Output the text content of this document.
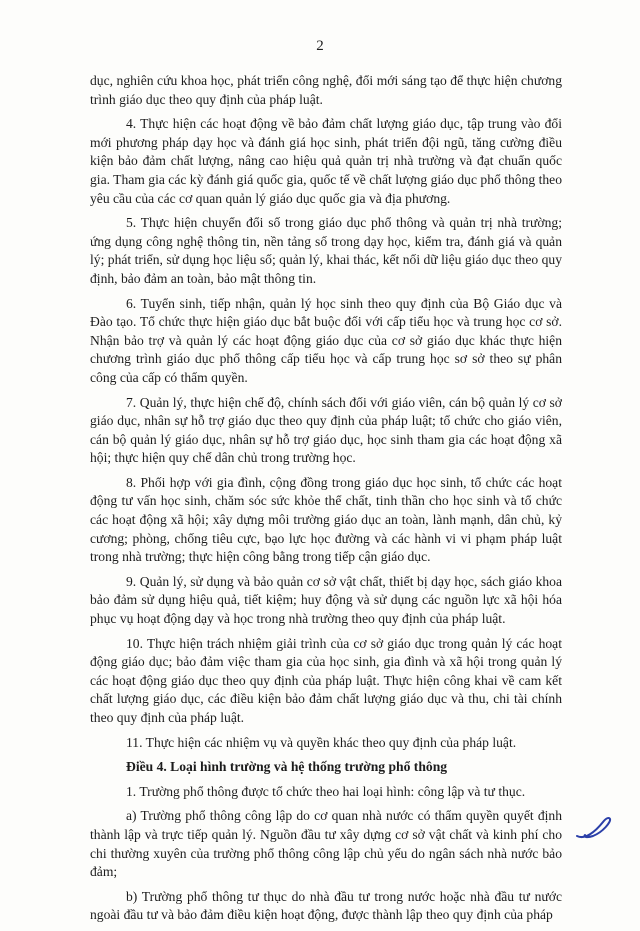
2

dục, nghiên cứu khoa học, phát triển công nghệ, đổi mới sáng tạo để thực hiện chương trình giáo dục theo quy định của pháp luật.

4. Thực hiện các hoạt động về bảo đảm chất lượng giáo dục, tập trung vào đổi mới phương pháp dạy học và đánh giá học sinh, phát triển đội ngũ, tăng cường điều kiện bảo đảm chất lượng, nâng cao hiệu quả quản trị nhà trường và đạt chuẩn quốc gia. Tham gia các kỳ đánh giá quốc gia, quốc tế về chất lượng giáo dục phổ thông theo yêu cầu của các cơ quan quản lý giáo dục quốc gia và địa phương.

5. Thực hiện chuyển đổi số trong giáo dục phổ thông và quản trị nhà trường; ứng dụng công nghệ thông tin, nền tảng số trong dạy học, kiểm tra, đánh giá và quản lý; phát triển, sử dụng học liệu số; quản lý, khai thác, kết nối dữ liệu giáo dục theo quy định, bảo đảm an toàn, bảo mật thông tin.

6. Tuyển sinh, tiếp nhận, quản lý học sinh theo quy định của Bộ Giáo dục và Đào tạo. Tổ chức thực hiện giáo dục bắt buộc đối với cấp tiểu học và trung học cơ sở. Nhận bảo trợ và quản lý các hoạt động giáo dục của cơ sở giáo dục khác thực hiện chương trình giáo dục phổ thông cấp tiểu học và cấp trung học sơ sở theo sự phân công của cấp có thẩm quyền.

7. Quản lý, thực hiện chế độ, chính sách đối với giáo viên, cán bộ quản lý cơ sở giáo dục, nhân sự hỗ trợ giáo dục theo quy định của pháp luật; tổ chức cho giáo viên, cán bộ quản lý giáo dục, nhân sự hỗ trợ giáo dục, học sinh tham gia các hoạt động xã hội; thực hiện quy chế dân chủ trong trường học.

8. Phối hợp với gia đình, cộng đồng trong giáo dục học sinh, tổ chức các hoạt động tư vấn học sinh, chăm sóc sức khỏe thể chất, tinh thần cho học sinh và tổ chức các hoạt động xã hội; xây dựng môi trường giáo dục an toàn, lành mạnh, dân chủ, kỷ cương; phòng, chống tiêu cực, bạo lực học đường và các hành vi vi phạm pháp luật trong nhà trường; thực hiện công bằng trong tiếp cận giáo dục.

9. Quản lý, sử dụng và bảo quản cơ sở vật chất, thiết bị dạy học, sách giáo khoa bảo đảm sử dụng hiệu quả, tiết kiệm; huy động và sử dụng các nguồn lực xã hội hóa phục vụ hoạt động dạy và học trong nhà trường theo quy định của pháp luật.

10. Thực hiện trách nhiệm giải trình của cơ sở giáo dục trong quản lý các hoạt động giáo dục; bảo đảm việc tham gia của học sinh, gia đình và xã hội trong quản lý các hoạt động giáo dục theo quy định của pháp luật. Thực hiện công khai về cam kết chất lượng giáo dục, các điều kiện bảo đảm chất lượng giáo dục và thu, chi tài chính theo quy định của pháp luật.

11. Thực hiện các nhiệm vụ và quyền khác theo quy định của pháp luật.

Điều 4. Loại hình trường và hệ thống trường phổ thông

1. Trường phổ thông được tổ chức theo hai loại hình: công lập và tư thục.

a) Trường phổ thông công lập do cơ quan nhà nước có thẩm quyền quyết định thành lập và trực tiếp quản lý. Nguồn đầu tư xây dựng cơ sở vật chất và kinh phí cho chi thường xuyên của trường phổ thông công lập chủ yếu do ngân sách nhà nước bảo đảm;

b) Trường phổ thông tư thục do nhà đầu tư trong nước hoặc nhà đầu tư nước ngoài đầu tư và bảo đảm điều kiện hoạt động, được thành lập theo quy định của pháp
